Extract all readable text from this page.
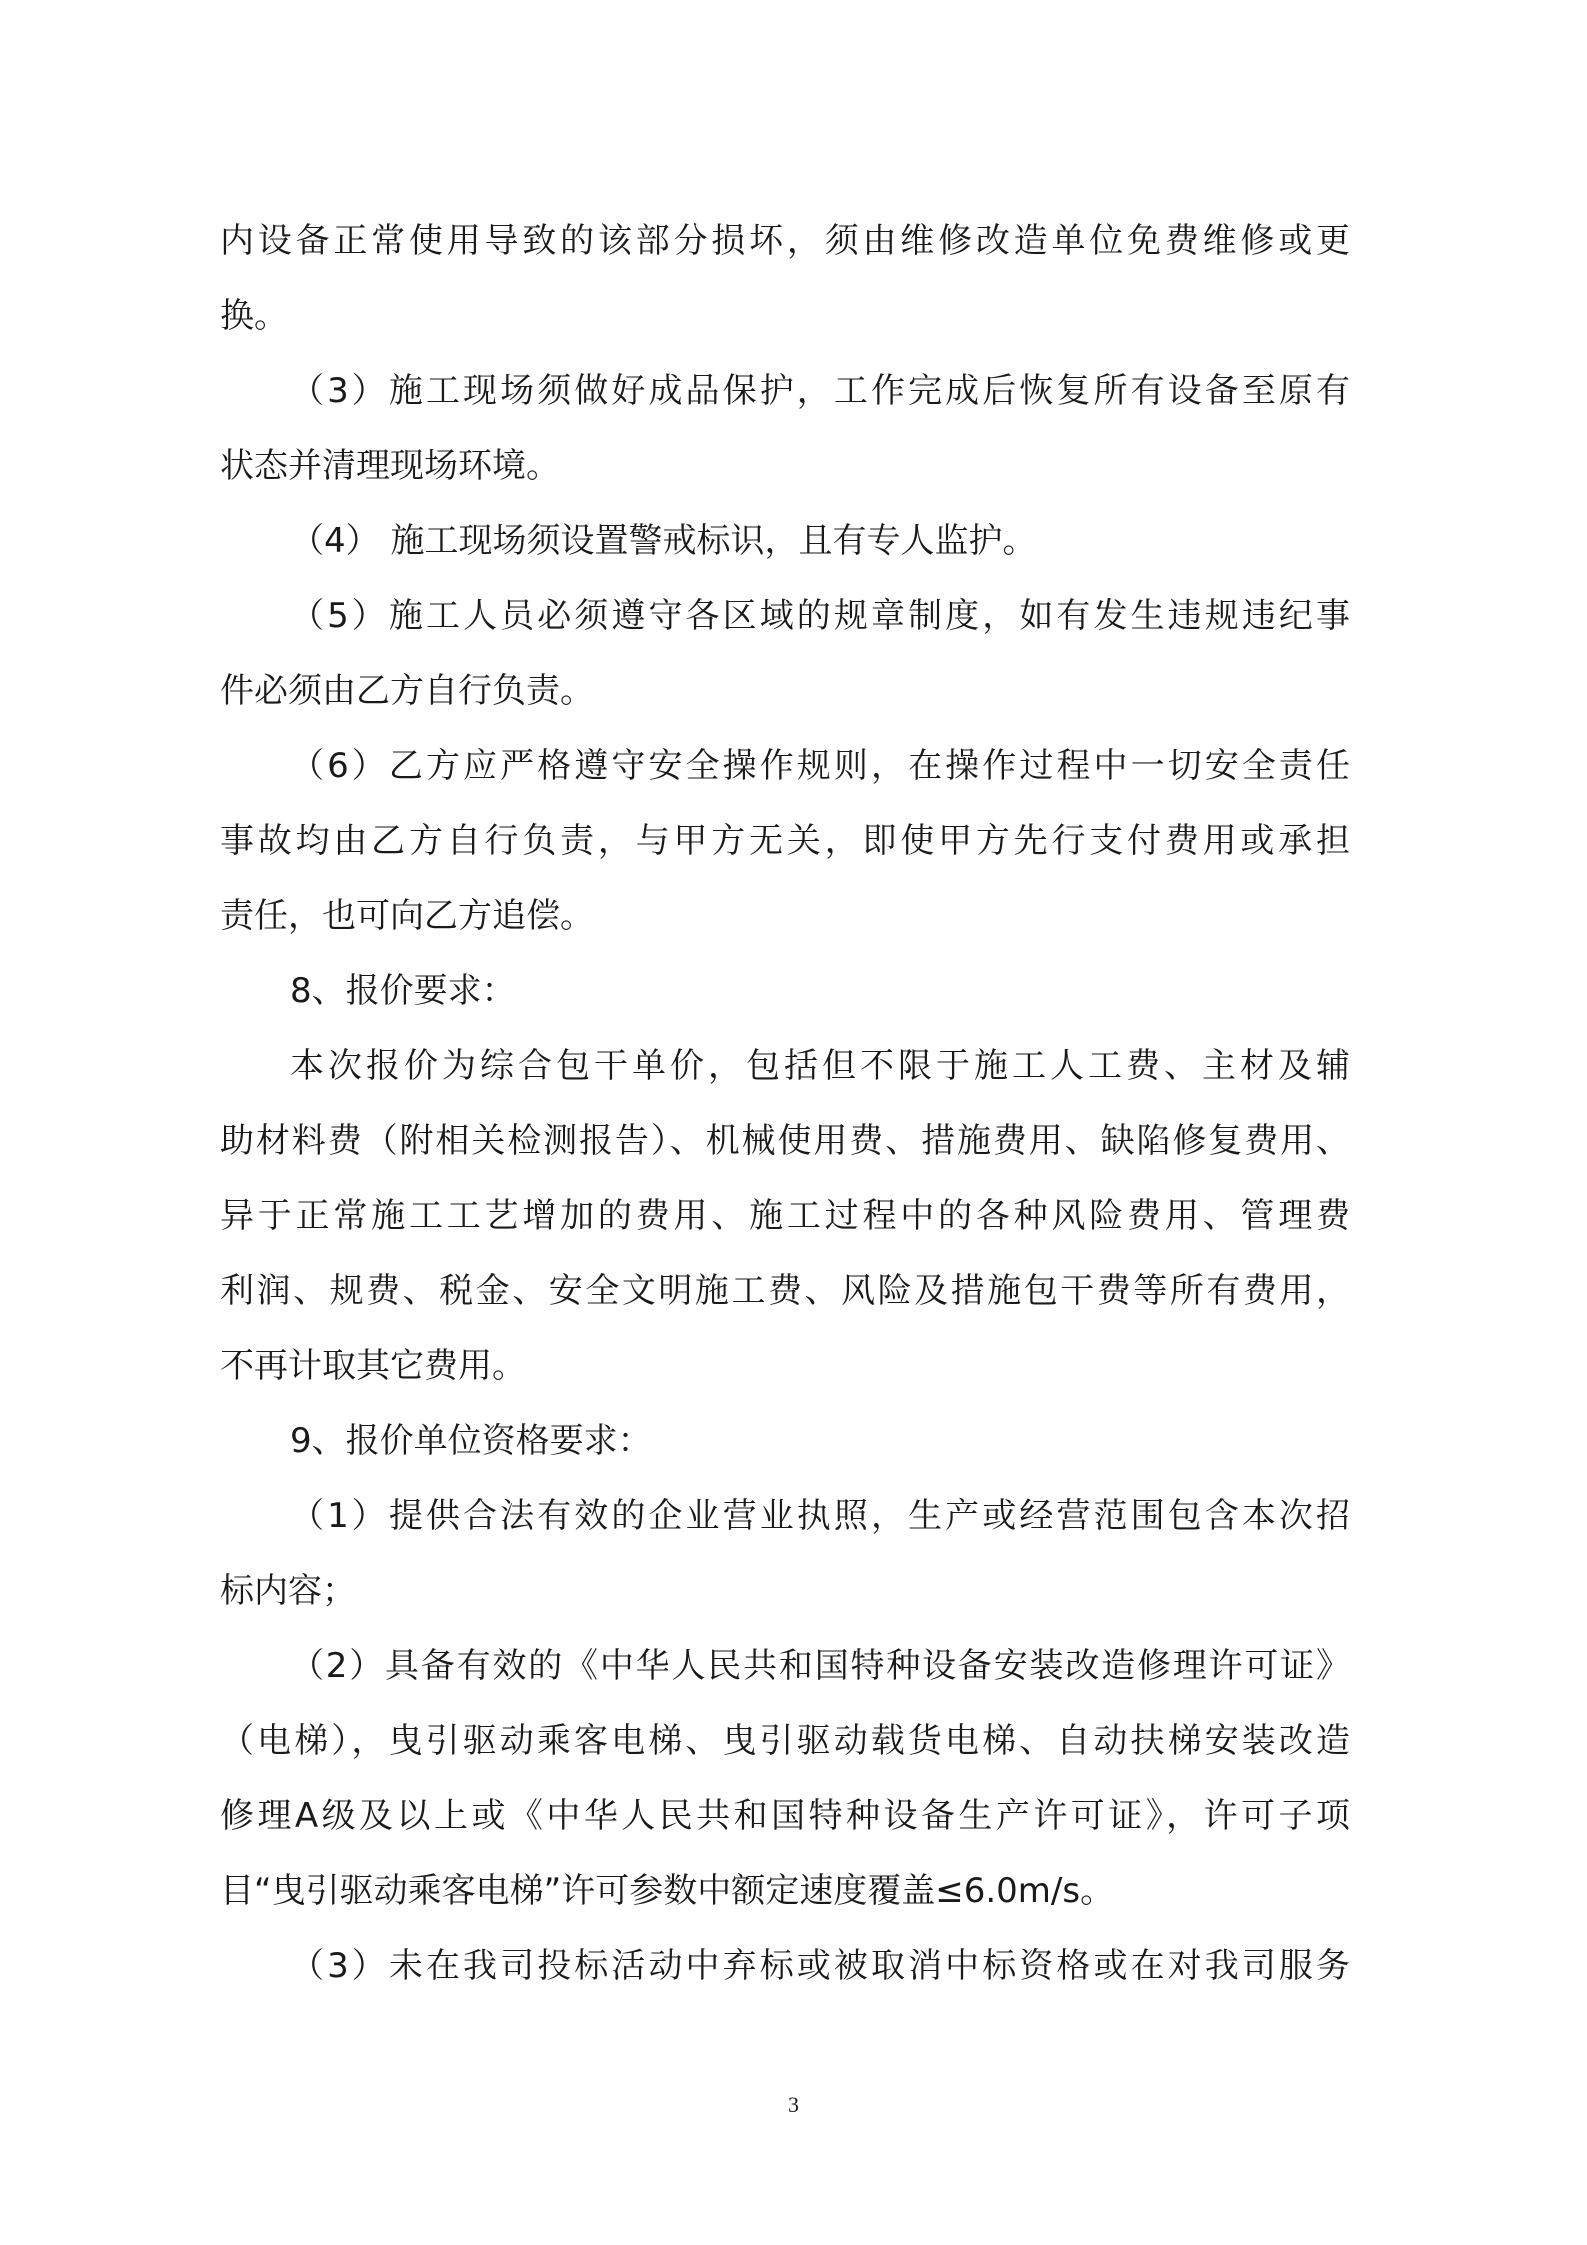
内设备正常使用导致的该部分损坏，须由维修改造单位免费维修或更
换。
（3）施工现场须做好成品保护，工作完成后恢复所有设备至原有
状态并清理现场环境。
（4） 施工现场须设置警戒标识，且有专人监护。
（5）施工人员必须遵守各区域的规章制度，如有发生违规违纪事
件必须由乙方自行负责。
（6）乙方应严格遵守安全操作规则，在操作过程中一切安全责任
事故均由乙方自行负责，与甲方无关，即使甲方先行支付费用或承担
责任，也可向乙方追偿。
8、报价要求：
本次报价为综合包干单价，包括但不限于施工人工费、主材及辅
助材料费（附相关检测报告）、机械使用费、措施费用、缺陷修复费用、
异于正常施工工艺增加的费用、施工过程中的各种风险费用、管理费
利润、规费、税金、安全文明施工费、风险及措施包干费等所有费用，
不再计取其它费用。
9、报价单位资格要求：
（1）提供合法有效的企业营业执照，生产或经营范围包含本次招
标内容；
（2）具备有效的《中华人民共和国特种设备安装改造修理许可证》
（电梯），曳引驱动乘客电梯、曳引驱动载货电梯、自动扶梯安装改造
修理A级及以上或《中华人民共和国特种设备生产许可证》，许可子项
目“曳引驱动乘客电梯”许可参数中额定速度覆盖≤6.0m/s。
（3）未在我司投标活动中弃标或被取消中标资格或在对我司服务
3
